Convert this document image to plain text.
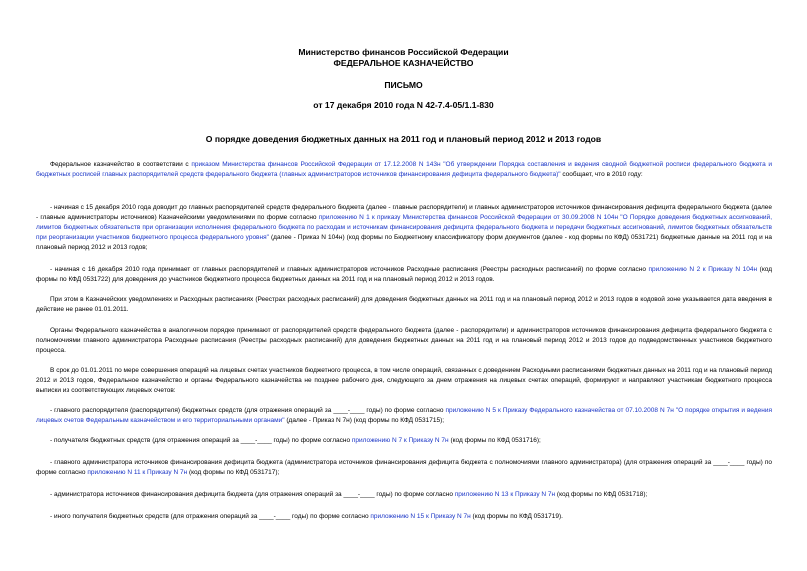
Министерство финансов Российской Федерации
ФЕДЕРАЛЬНОЕ КАЗНАЧЕЙСТВО
ПИСЬМО
от 17 декабря 2010 года N 42-7.4-05/1.1-830
О порядке доведения бюджетных данных на 2011 год и плановый период 2012 и 2013 годов

Федеральное казначейство в соответствии с приказом Министерства финансов Российской Федерации от 17.12.2008 N 143н "Об утверждении Порядка составления и ведения сводной бюджетной росписи федерального бюджета и бюджетных росписей главных распорядителей средств федерального бюджета (главных администраторов источников финансирования дефицита федерального бюджета)" сообщает, что в 2010 году:

- начиная с 15 декабря 2010 года доводит до главных распорядителей средств федерального бюджета (далее - главные распорядители) и главных администраторов источников финансирования дефицита федерального бюджета (далее - главные администраторы источников) Казначейскими уведомлениями по форме согласно приложению N 1 к приказу Министерства финансов Российской Федерации от 30.09.2008 N 104н "О Порядке доведения бюджетных ассигнований, лимитов бюджетных обязательств при организации исполнения федерального бюджета по расходам и источникам финансирования дефицита федерального бюджета и передачи бюджетных ассигнований, лимитов бюджетных обязательств при реорганизации участников бюджетного процесса федерального уровня" (далее - Приказ N 104н) (код формы по Бюджетному классификатору форм документов (далее - код формы по КФД) 0531721) бюджетные данные на 2011 год и на плановый период 2012 и 2013 годов;

- начиная с 16 декабря 2010 года принимает от главных распорядителей и главных администраторов источников Расходные расписания (Реестры расходных расписаний) по форме согласно приложению N 2 к Приказу N 104н (код формы по КФД 0531722) для доведения до участников бюджетного процесса бюджетных данных на 2011 год и на плановый период 2012 и 2013 годов.

При этом в Казначейских уведомлениях и Расходных расписаниях (Реестрах расходных расписаний) для доведения бюджетных данных на 2011 год и на плановый период 2012 и 2013 годов в кодовой зоне указывается дата введения в действие не ранее 01.01.2011.

Органы Федерального казначейства в аналогичном порядке принимают от распорядителей средств федерального бюджета (далее - распорядители) и администраторов источников финансирования дефицита федерального бюджета с полномочиями главного администратора Расходные расписания (Реестры расходных расписаний) для доведения бюджетных данных на 2011 год и на плановый период 2012 и 2013 годов до подведомственных участников бюджетного процесса.

В срок до 01.01.2011 по мере совершения операций на лицевых счетах участников бюджетного процесса, в том числе операций, связанных с доведением Расходными расписаниями бюджетных данных на 2011 год и на плановый период 2012 и 2013 годов, Федеральное казначейство и органы Федерального казначейства не позднее рабочего дня, следующего за днем отражения на лицевых счетах операций, формируют и направляют участникам бюджетного процесса выписки из соответствующих лицевых счетов:

- главного распорядителя (распорядителя) бюджетных средств (для отражения операций за ____-____ годы) по форме согласно приложению N 5 к Приказу Федерального казначейства от 07.10.2008 N 7н "О порядке открытия и ведения лицевых счетов Федеральным казначейством и его территориальными органами" (далее - Приказ N 7н) (код формы по КФД 0531715);

- получателя бюджетных средств (для отражения операций за ____-____ годы) по форме согласно приложению N 7 к Приказу N 7н (код формы по КФД 0531716);

- главного администратора источников финансирования дефицита бюджета (администратора источников финансирования дефицита бюджета с полномочиями главного администратора) (для отражения операций за ____-____ годы) по форме согласно приложению N 11 к Приказу N 7н (код формы по КФД 0531717);

- администратора источников финансирования дефицита бюджета (для отражения операций за ____-____ годы) по форме согласно приложению N 13 к Приказу N 7н (код формы по КФД 0531718);

- иного получателя бюджетных средств (для отражения операций за ____-____ годы) по форме согласно приложению N 15 к Приказу N 7н (код формы по КФД 0531719).
